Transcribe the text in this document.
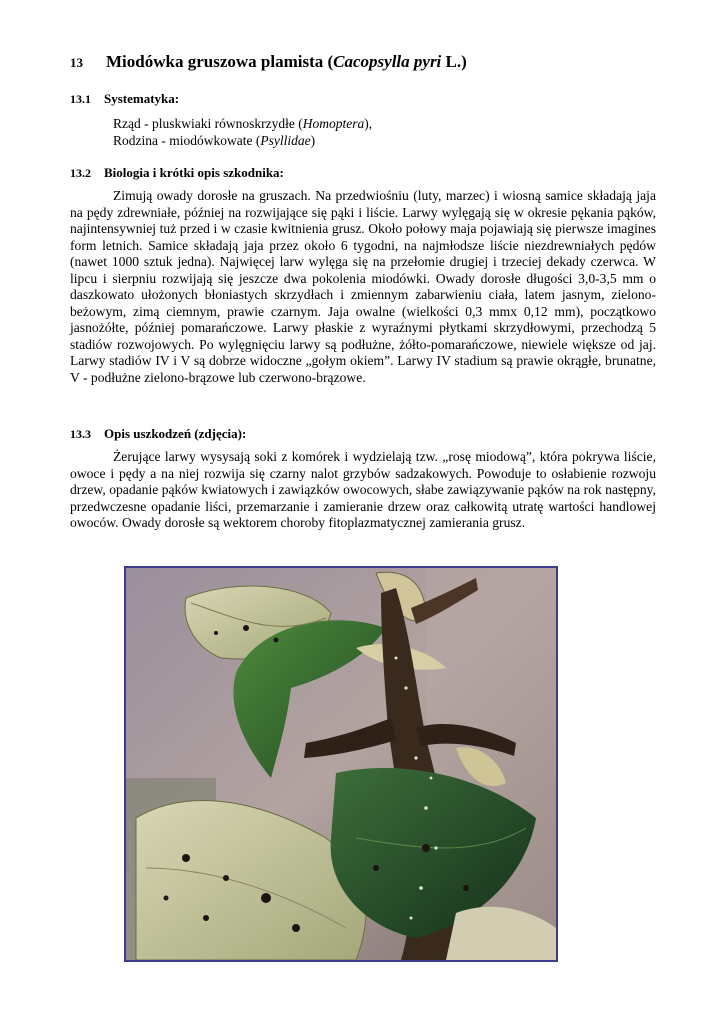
13 Miodówka gruszowa plamista (Cacopsylla pyri L.)
13.1 Systematyka:
Rząd - pluskwiaki równoskrzydłe (Homoptera),
Rodzina - miodówkowate (Psyllidae)
13.2 Biologia i krótki opis szkodnika:

Zimują owady dorosłe na gruszach. Na przedwiośniu (luty, marzec) i wiosną samice składają jaja na pędy zdrewniałe, później na rozwijające się pąki i liście. Larwy wylęgają się w okresie pękania pąków, najintensywniej tuż przed i w czasie kwitnienia grusz. Około połowy maja pojawiają się pierwsze imagines form letnich. Samice składają jaja przez około 6 tygodni, na najmłodsze liście niezdrewniałych pędów (nawet 1000 sztuk jedna). Najwięcej larw wylęga się na przełomie drugiej i trzeciej dekady czerwca. W lipcu i sierpniu rozwijają się jeszcze dwa pokolenia miodówki. Owady dorosłe długości 3,0-3,5 mm o daszkowato ułożonych błoniastych skrzydłach i zmiennym zabarwieniu ciała, latem jasnym, zielono-beżowym, zimą ciemnym, prawie czarnym. Jaja owalne (wielkości 0,3 mmx 0,12 mm), początkowo jasnożółte, później pomarańczowe. Larwy płaskie z wyraźnymi płytkami skrzydłowymi, przechodzą 5 stadiów rozwojowych. Po wylęgnięciu larwy są podłużne, żółto-pomarańczowe, niewiele większe od jaj. Larwy stadiów IV i V są dobrze widoczne „gołym okiem”. Larwy IV stadium są prawie okrągłe, brunatne, V - podłużne zielono-brązowe lub czerwono-brązowe.

13.3 Opis uszkodzeń (zdjęcia):

Żerujące larwy wysysają soki z komórek i wydzielają tzw. „rosę miodową”, która pokrywa liście, owoce i pędy a na niej rozwija się czarny nalot grzybów sadzakowych. Powoduje to osłabienie rozwoju drzew, opadanie pąków kwiatowych i zawiązków owocowych, słabe zawiązywanie pąków na rok następny, przedwczesne opadanie liści, przemarzanie i zamieranie drzew oraz całkowitą utratę wartości handlowej owoców. Owady dorosłe są wektorem choroby fitoplazmatycznej zamierania grusz.
